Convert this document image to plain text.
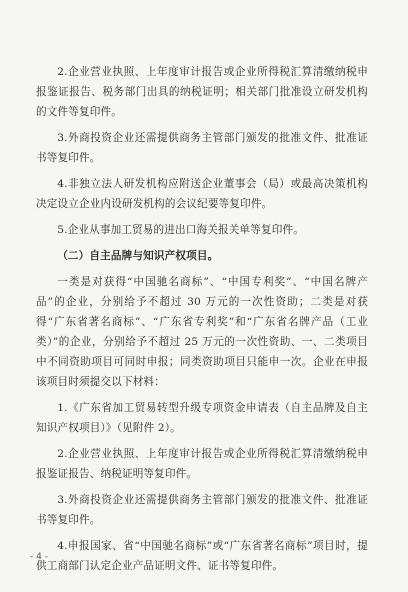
2.企业营业执照、上年度审计报告或企业所得税汇算清缴纳税申报鉴证报告、税务部门出具的纳税证明；相关部门批准设立研发机构的文件等复印件。

3.外商投资企业还需提供商务主管部门颁发的批准文件、批准证书等复印件。

4.非独立法人研发机构应附送企业董事会（局）或最高决策机构决定设立企业内设研发机构的会议纪要等复印件。

5.企业从事加工贸易的进出口海关报关单等复印件。

（二）自主品牌与知识产权项目。

一类是对获得“中国驰名商标”、“中国专利奖”、“中国名牌产品”的企业，分别给予不超过 30 万元的一次性资助；二类是对获得“广东省著名商标”、“广东省专利奖”和“广东省名牌产品（工业类）”的企业，分别给予不超过 25 万元的一次性资助、一、二类项目中不同资助项目可同时申报；同类资助项目只能申一次。企业在申报该项目时须提交以下材料：

1.《广东省加工贸易转型升级专项资金申请表（自主品牌及自主知识产权项目）》（见附件 2）。

2.企业营业执照、上年度审计报告或企业所得税汇算清缴纳税申报鉴证报告、纳税证明等复印件。

3.外商投资企业还需提供商务主管部门颁发的批准文件、批准证书等复印件。

4.申报国家、省“中国驰名商标”或“广东省著名商标”项目时，提供工商部门认定企业产品证明文件、证书等复印件。

- 4 -
